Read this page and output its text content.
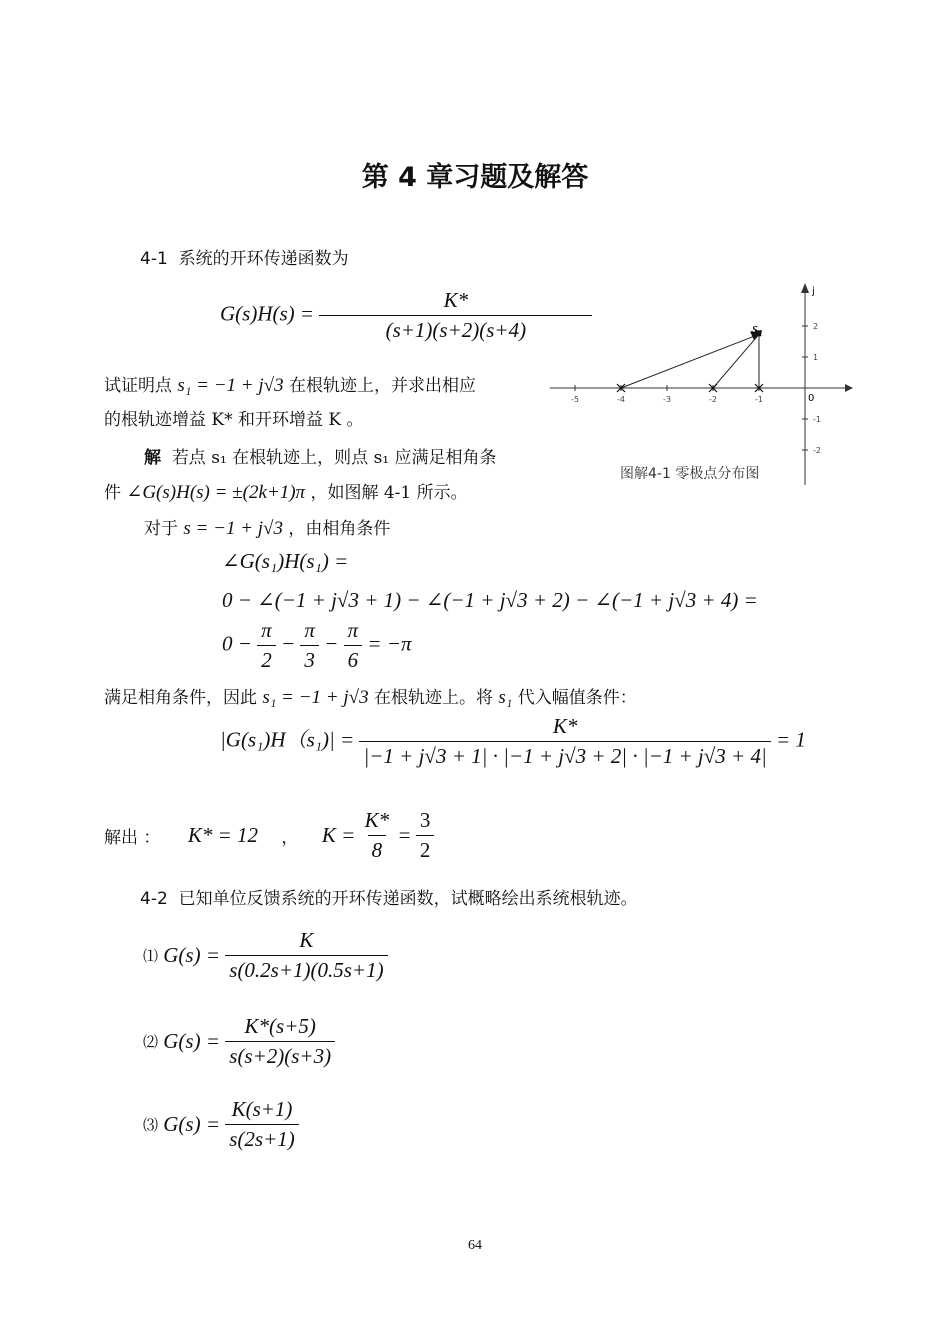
第 4 章习题及解答
4-1 系统的开环传递函数为
$G(s)H(s) = \frac{K*}{(s+1)(s+2)(s+4)}$
试证明点 s₁ = −1 + j√3 在根轨迹上，并求出相应
的根轨迹增益 K* 和开环增益 K 。
解 若点 s₁ 在根轨迹上，则点 s₁ 应满足相角条
件 ∠G(s)H(s) = ±(2k+1)π ，如图解 4-1 所示。
对于 s = −1 + j√3 ，由相角条件
∠G(s₁)H(s₁) =
0 − ∠(−1 + j√3 + 1) − ∠(−1 + j√3 + 2) − ∠(−1 + j√3 + 4) =
$0 - \frac{\pi}{2} - \frac{\pi}{3} - \frac{\pi}{6} = -\pi$
满足相角条件，因此 s₁ = −1 + j√3 在根轨迹上。将 s₁ 代入幅值条件：
$|G(s_1)H(s_1)| = \frac{K*}{|-1 + j√3 + 1| \cdot |-1 + j√3 + 2| \cdot |-1 + j√3 + 4|} = 1$
解出 ： K* = 12 ， $K = \frac{K*}{8} = \frac{3}{2}$
j
0
-5	-4	-3	-2	-1
2
1
-1
-2
s₁
图解4-1 零极点分布图
4-2 已知单位反馈系统的开环传递函数，试概略绘出系统根轨迹。
⑴ $G(s) = \frac{K}{s(0.2s+1)(0.5s+1)}$
⑵ $G(s) = \frac{K*(s+5)}{s(s+2)(s+3)}$
⑶ $G(s) = \frac{K(s+1)}{s(2s+1)}$
64
